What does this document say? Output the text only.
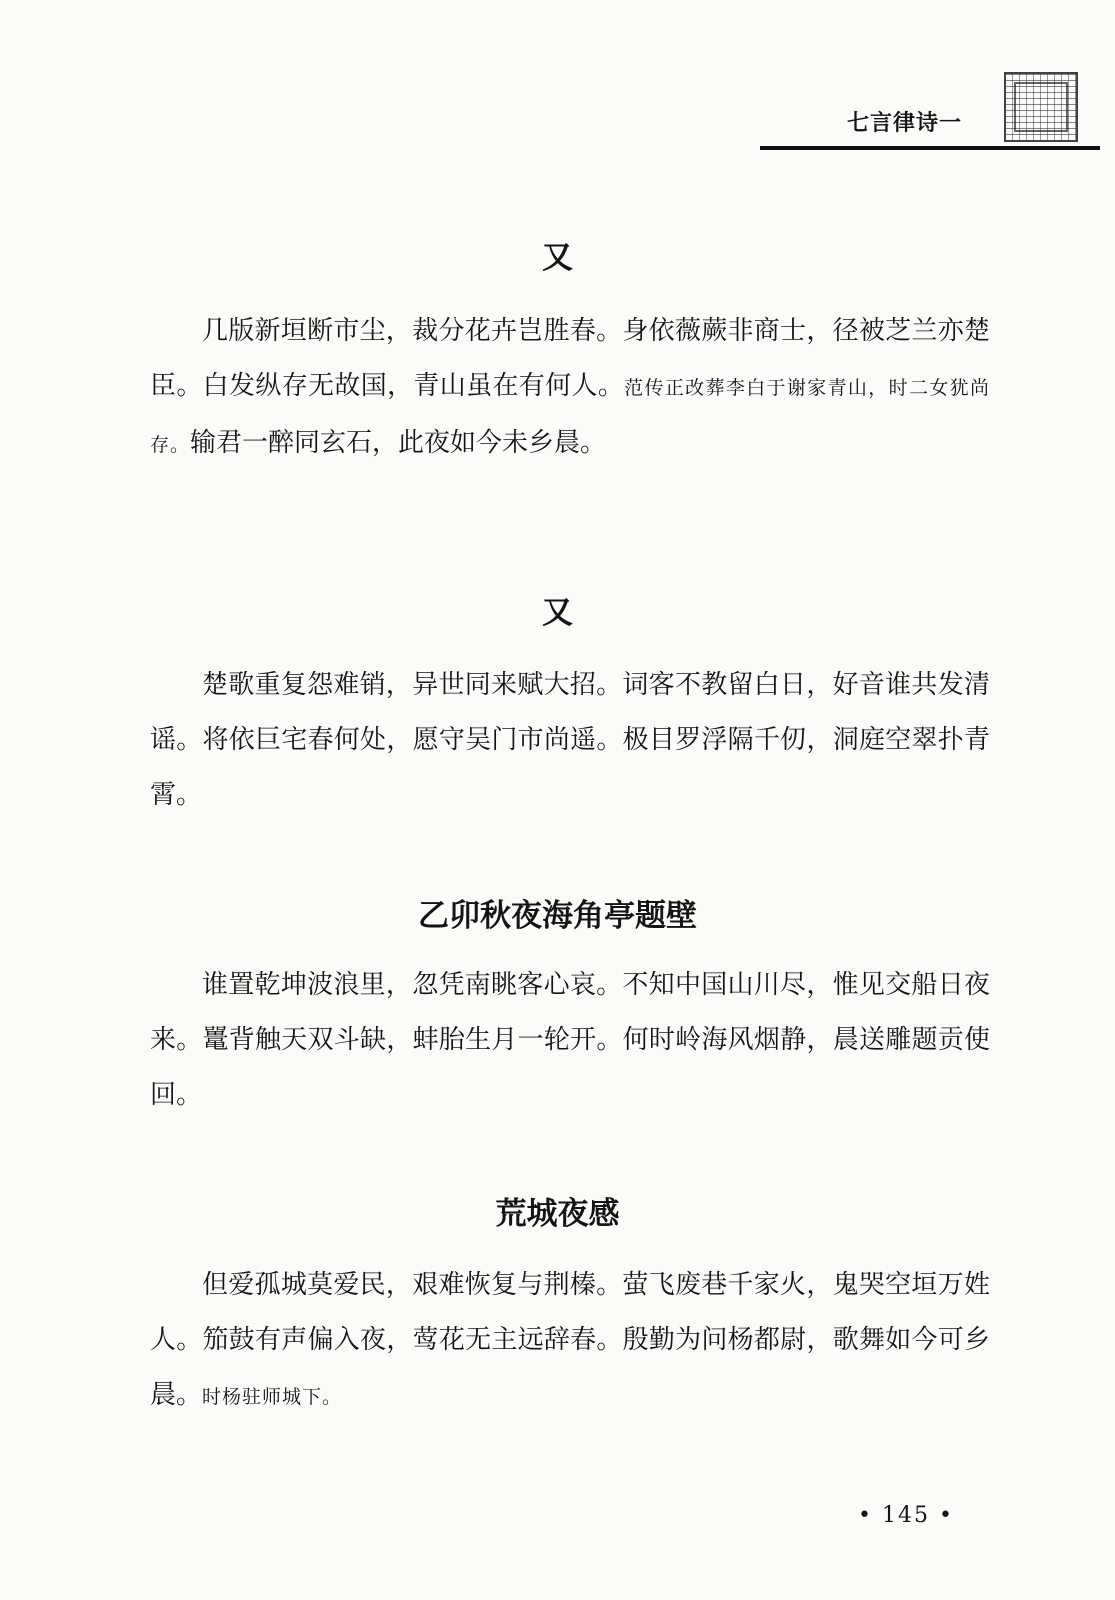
七言律诗一
又

几版新垣断市尘，裁分花卉岂胜春。身依薇蕨非商士，径被芝兰亦楚臣。白发纵存无故国，青山虽在有何人。范传正改葬李白于谢家青山，时二女犹尚存。输君一醉同玄石，此夜如今未乡晨。

又

楚歌重复怨难销，异世同来赋大招。词客不教留白日，好音谁共发清谣。将依巨宅春何处，愿守吴门市尚遥。极目罗浮隔千仞，洞庭空翠扑青霄。

乙卯秋夜海角亭题壁

谁置乾坤波浪里，忽凭南眺客心哀。不知中国山川尽，惟见交船日夜来。鼍背触天双斗缺，蚌胎生月一轮开。何时岭海风烟静，晨送雕题贡使回。

荒城夜感

但爱孤城莫爱民，艰难恢复与荆榛。萤飞废巷千家火，鬼哭空垣万姓人。笳鼓有声偏入夜，莺花无主远辞春。殷勤为问杨都尉，歌舞如今可乡晨。时杨驻师城下。

• 145 •
